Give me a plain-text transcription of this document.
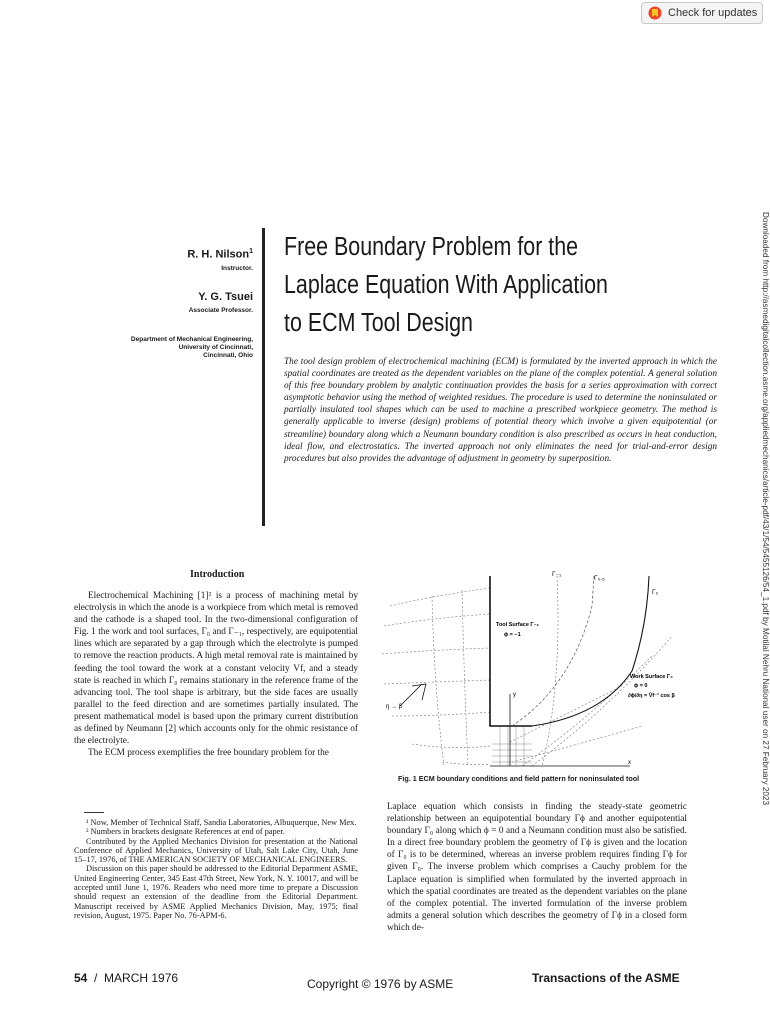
Check for updates
Downloaded from http://asmedigitalcollection.asme.org/appliedmechanics/article-pdf/43/1/54/5455126/54_1.pdf by Motilal Nehru National user on 27 February 2023
R. H. Nilson$^1$
Instructor.
Y. G. Tsuei
Associate Professor.
Department of Mechanical Engineering,
University of Cincinnati,
Cincinnati, Ohio
Free Boundary Problem for the
Laplace Equation With Application
to ECM Tool Design
The tool design problem of electrochemical machining (ECM) is formulated by the inverted approach in which the spatial coordinates are treated as the dependent variables on the plane of the complex potential. A general solution of this free boundary problem by analytic continuation provides the basis for a series approximation with correct asymptotic behavior using the method of weighted residues. The procedure is used to determine the noninsulated or partially insulated tool shapes which can be used to machine a prescribed workpiece geometry. The method is generally applicable to inverse (design) problems of potential theory which involve a given equipotential (or streamline) boundary along which a Neumann boundary condition is also prescribed as occurs in heat conduction, ideal flow, and electrostatics. The inverted approach not only eliminates the need for trial-and-error design procedures but also provides the advantage of adjustment in geometry by superposition.
Introduction

Electrochemical Machining [1]² is a process of machining metal by electrolysis in which the anode is a workpiece from which metal is removed and the cathode is a shaped tool. In the two-dimensional configuration of Fig. 1 the work and tool surfaces, Γ₀ and Γ₋₁, respectively, are equipotential lines which are separated by a gap through which the electrolyte is pumped to remove the reaction products. A high metal removal rate is maintained by feeding the tool toward the work at a constant velocity Vf, and a steady state is reached in which Γ₀ remains stationary in the reference frame of the advancing tool. The tool shape is arbitrary, but the side faces are usually parallel to the feed direction and are sometimes partially insulated. The present mathematical model is based upon the primary current distribution as defined by Neumann [2] which accounts only for the ohmic resistance of the electrolyte.

The ECM process exemplifies the free boundary problem for the

¹ Now, Member of Technical Staff, Sandia Laboratories, Albuquerque, New Mex.

² Numbers in brackets designate References at end of paper.

Contributed by the Applied Mechanics Division for presentation at the National Conference of Applied Mechanics, University of Utah, Salt Lake City, Utah, June 15–17, 1976, of THE AMERICAN SOCIETY OF MECHANICAL ENGINEERS.

Discussion on this paper should be addressed to the Editorial Department ASME, United Engineering Center, 345 East 47th Street, New York, N. Y. 10017, and will be accepted until June 1, 1976. Readers who need more time to prepare a Discussion should request an extension of the deadline from the Editorial Department. Manuscript received by ASME Applied Mechanics Division, May, 1975; final revision, August, 1975. Paper No. 76-APM-6.

Γ₋₁
Γ₀.₅
Γ₀
Tool Surface Γ₋₁
ϕ = −1
Work Surface Γ₀
ϕ = 0
∂ϕ/∂η = V̄f⁻¹ cos β
η → β
x
y
Fig. 1 ECM boundary conditions and field pattern for noninsulated tool
Laplace equation which consists in finding the steady-state geometric relationship between an equipotential boundary Γϕ and another equipotential boundary Γ₀ along which ϕ = 0 and a Neumann condition must also be satisfied. In a direct free boundary problem the geometry of Γϕ is given and the location of Γ₀ is to be determined, whereas an inverse problem requires finding Γϕ for given Γ₀. The inverse problem which comprises a Cauchy problem for the Laplace equation is simplified when formulated by the inverted approach in which the spatial coordinates are treated as the dependent variables on the plane of the complex potential. The inverted formulation of the inverse problem admits a general solution which describes the geometry of Γϕ in a closed form which de-
54 / MARCH 1976	Copyright © 1976 by ASME	Transactions of the ASME
